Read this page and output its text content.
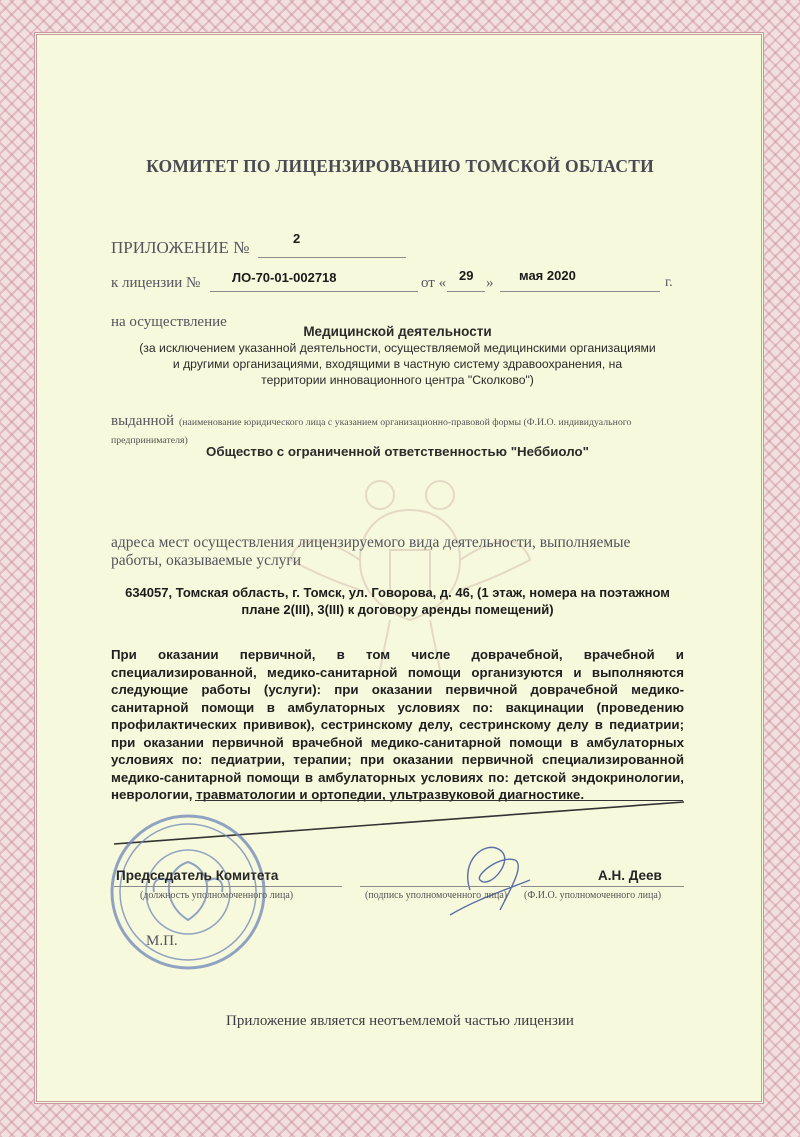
КОМИТЕТ ПО ЛИЦЕНЗИРОВАНИЮ ТОМСКОЙ ОБЛАСТИ
ПРИЛОЖЕНИЕ №	2
к лицензии № ЛО-70-01-002718	от « 29 » мая 2020	г.
на осуществление
Медицинской деятельности
(за исключением указанной деятельности, осуществляемой медицинскими организациями
и другими организациями, входящими в частную систему здравоохранения, на
территории инновационного центра "Сколково")
выданной (наименование юридического лица с указанием организационно-правовой формы (Ф.И.О. индивидуального
предпринимателя)
Общество с ограниченной ответственностью "Неббиоло"
адреса мест осуществления лицензируемого вида деятельности, выполняемые
работы, оказываемые услуги
634057, Томская область, г. Томск, ул. Говорова, д. 46, (1 этаж, номера на поэтажном
плане 2(III), 3(III) к договору аренды помещений)
При оказании первичной, в том числе доврачебной, врачебной и специализированной, медико-санитарной помощи организуются и выполняются следующие работы (услуги): при оказании первичной доврачебной медико-санитарной помощи в амбулаторных условиях по: вакцинации (проведению профилактических прививок), сестринскому делу, сестринскому делу в педиатрии; при оказании первичной врачебной медико-санитарной помощи в амбулаторных условиях по: педиатрии, терапии; при оказании первичной специализированной медико-санитарной помощи в амбулаторных условиях по: детской эндокринологии, неврологии, травматологии и ортопедии, ультразвуковой диагностике.
Председатель Комитета
(должность уполномоченного лица)	(подпись уполномоченного лица)
А.Н. Деев
(Ф.И.О. уполномоченного лица)
М.П.
Приложение является неотъемлемой частью лицензии
